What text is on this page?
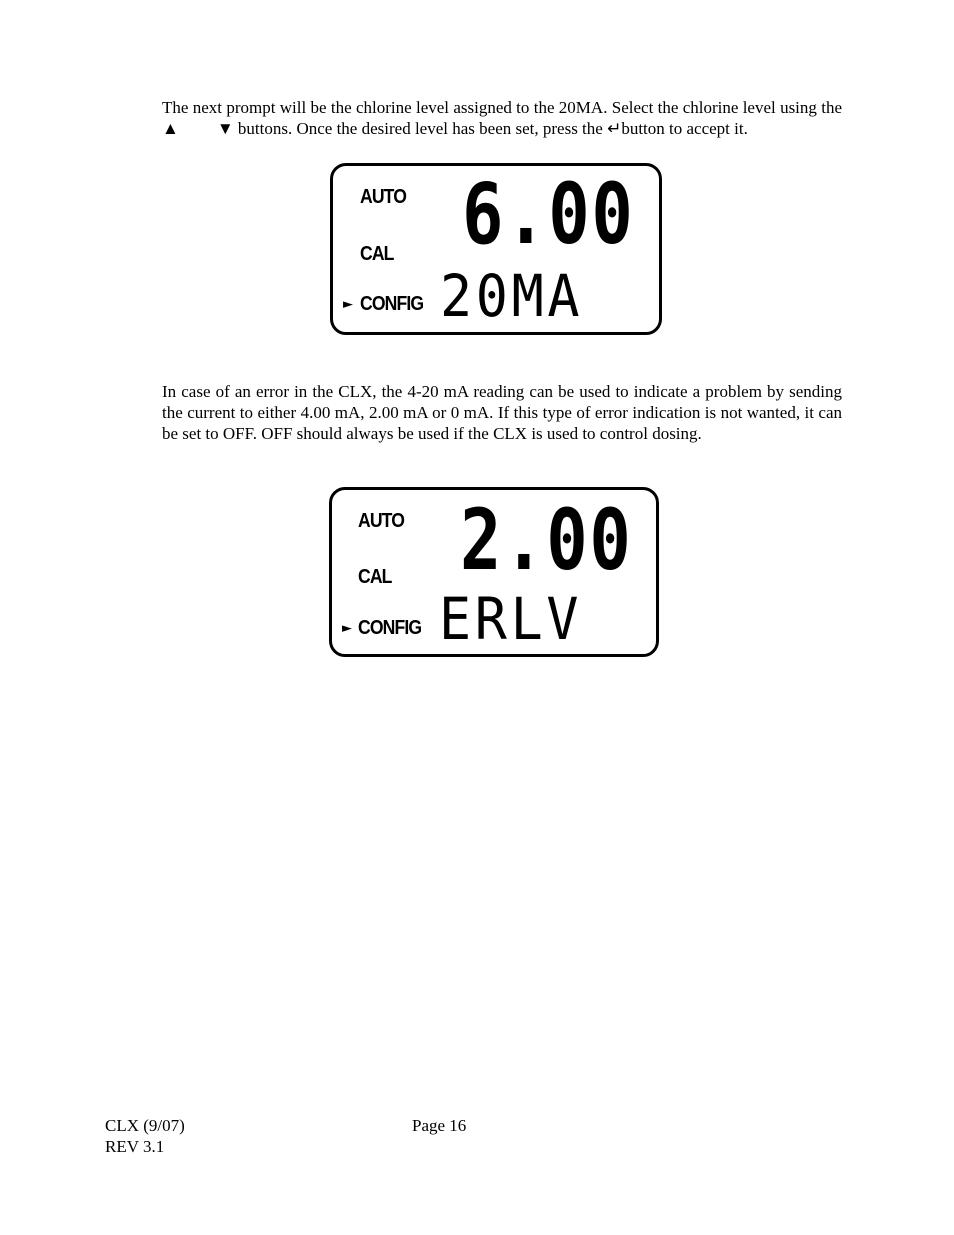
The next prompt will be the chlorine level assigned to the 20MA. Select the chlorine level using the ▲ ▼ buttons. Once the desired level has been set, press the ↵button to accept it.

AUTO
CAL
► CONFIG
6.00
20MA

In case of an error in the CLX, the 4-20 mA reading can be used to indicate a problem by sending the current to either 4.00 mA, 2.00 mA or 0 mA. If this type of error indication is not wanted, it can be set to OFF. OFF should always be used if the CLX is used to control dosing.

AUTO
CAL
► CONFIG
2.00
ERLV

CLX (9/07)

REV 3.1

Page 16
